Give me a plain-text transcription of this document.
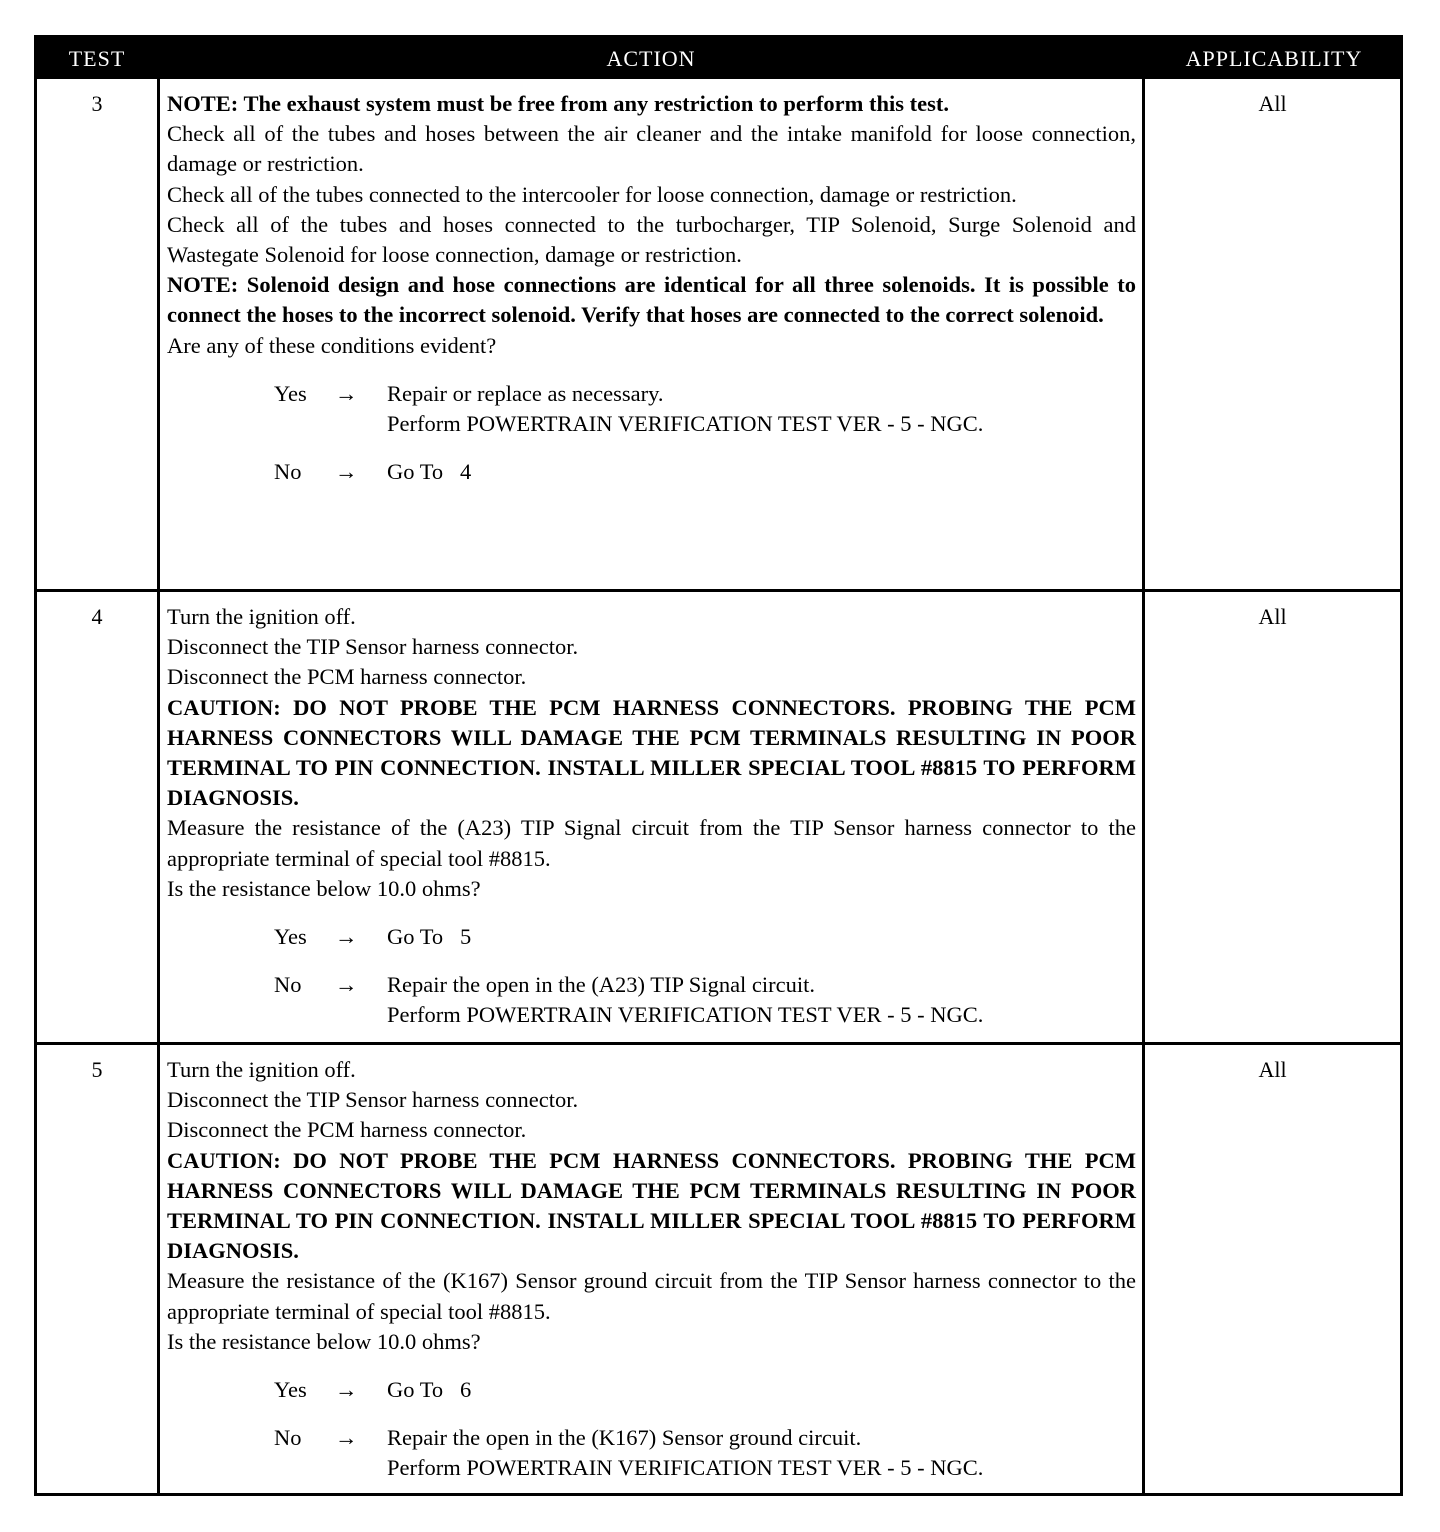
TEST	ACTION	APPLICABILITY
3	NOTE: The exhaust system must be free from any restriction to perform this test.
Check all of the tubes and hoses between the air cleaner and the intake manifold for loose connection, damage or restriction.
Check all of the tubes connected to the intercooler for loose connection, damage or restriction.
Check all of the tubes and hoses connected to the turbocharger, TIP Solenoid, Surge Solenoid and Wastegate Solenoid for loose connection, damage or restriction.
NOTE: Solenoid design and hose connections are identical for all three solenoids. It is possible to connect the hoses to the incorrect solenoid. Verify that hoses are connected to the correct solenoid.
Are any of these conditions evident?
Yes → Repair or replace as necessary.
Perform POWERTRAIN VERIFICATION TEST VER - 5 - NGC.
No → Go To   4
All
4	Turn the ignition off.
Disconnect the TIP Sensor harness connector.
Disconnect the PCM harness connector.
CAUTION: DO NOT PROBE THE PCM HARNESS CONNECTORS. PROBING THE PCM HARNESS CONNECTORS WILL DAMAGE THE PCM TERMINALS RESULTING IN POOR TERMINAL TO PIN CONNECTION. INSTALL MILLER SPECIAL TOOL #8815 TO PERFORM DIAGNOSIS.
Measure the resistance of the (A23) TIP Signal circuit from the TIP Sensor harness connector to the appropriate terminal of special tool #8815.
Is the resistance below 10.0 ohms?
Yes → Go To   5
No → Repair the open in the (A23) TIP Signal circuit.
Perform POWERTRAIN VERIFICATION TEST VER - 5 - NGC.
All
5	Turn the ignition off.
Disconnect the TIP Sensor harness connector.
Disconnect the PCM harness connector.
CAUTION: DO NOT PROBE THE PCM HARNESS CONNECTORS. PROBING THE PCM HARNESS CONNECTORS WILL DAMAGE THE PCM TERMINALS RESULTING IN POOR TERMINAL TO PIN CONNECTION. INSTALL MILLER SPECIAL TOOL #8815 TO PERFORM DIAGNOSIS.
Measure the resistance of the (K167) Sensor ground circuit from the TIP Sensor harness connector to the appropriate terminal of special tool #8815.
Is the resistance below 10.0 ohms?
Yes → Go To   6
No → Repair the open in the (K167) Sensor ground circuit.
Perform POWERTRAIN VERIFICATION TEST VER - 5 - NGC.
All
